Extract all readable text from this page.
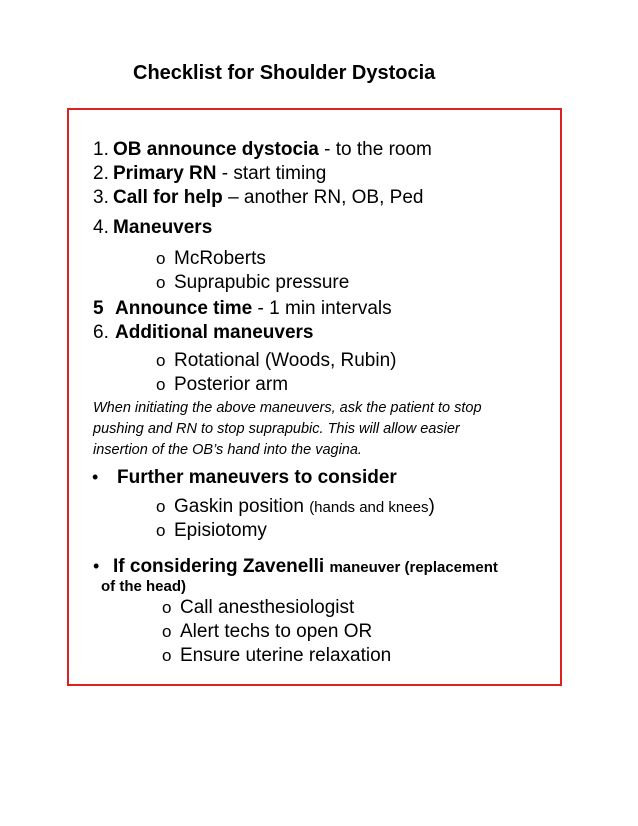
Checklist for Shoulder Dystocia
1. OB announce dystocia - to the room
2. Primary RN - start timing
3. Call for help – another RN, OB, Ped
4. Maneuvers
o McRoberts
o Suprapubic pressure
5 Announce time - 1 min intervals
6. Additional maneuvers
o Rotational (Woods, Rubin)
o Posterior arm
When initiating the above maneuvers, ask the patient to stop
pushing and RN to stop suprapubic. This will allow easier
insertion of the OB’s hand into the vagina.
• Further maneuvers to consider
o Gaskin position (hands and knees)
o Episiotomy
• If considering Zavenelli maneuver (replacement
of the head)
o Call anesthesiologist
o Alert techs to open OR
o Ensure uterine relaxation
